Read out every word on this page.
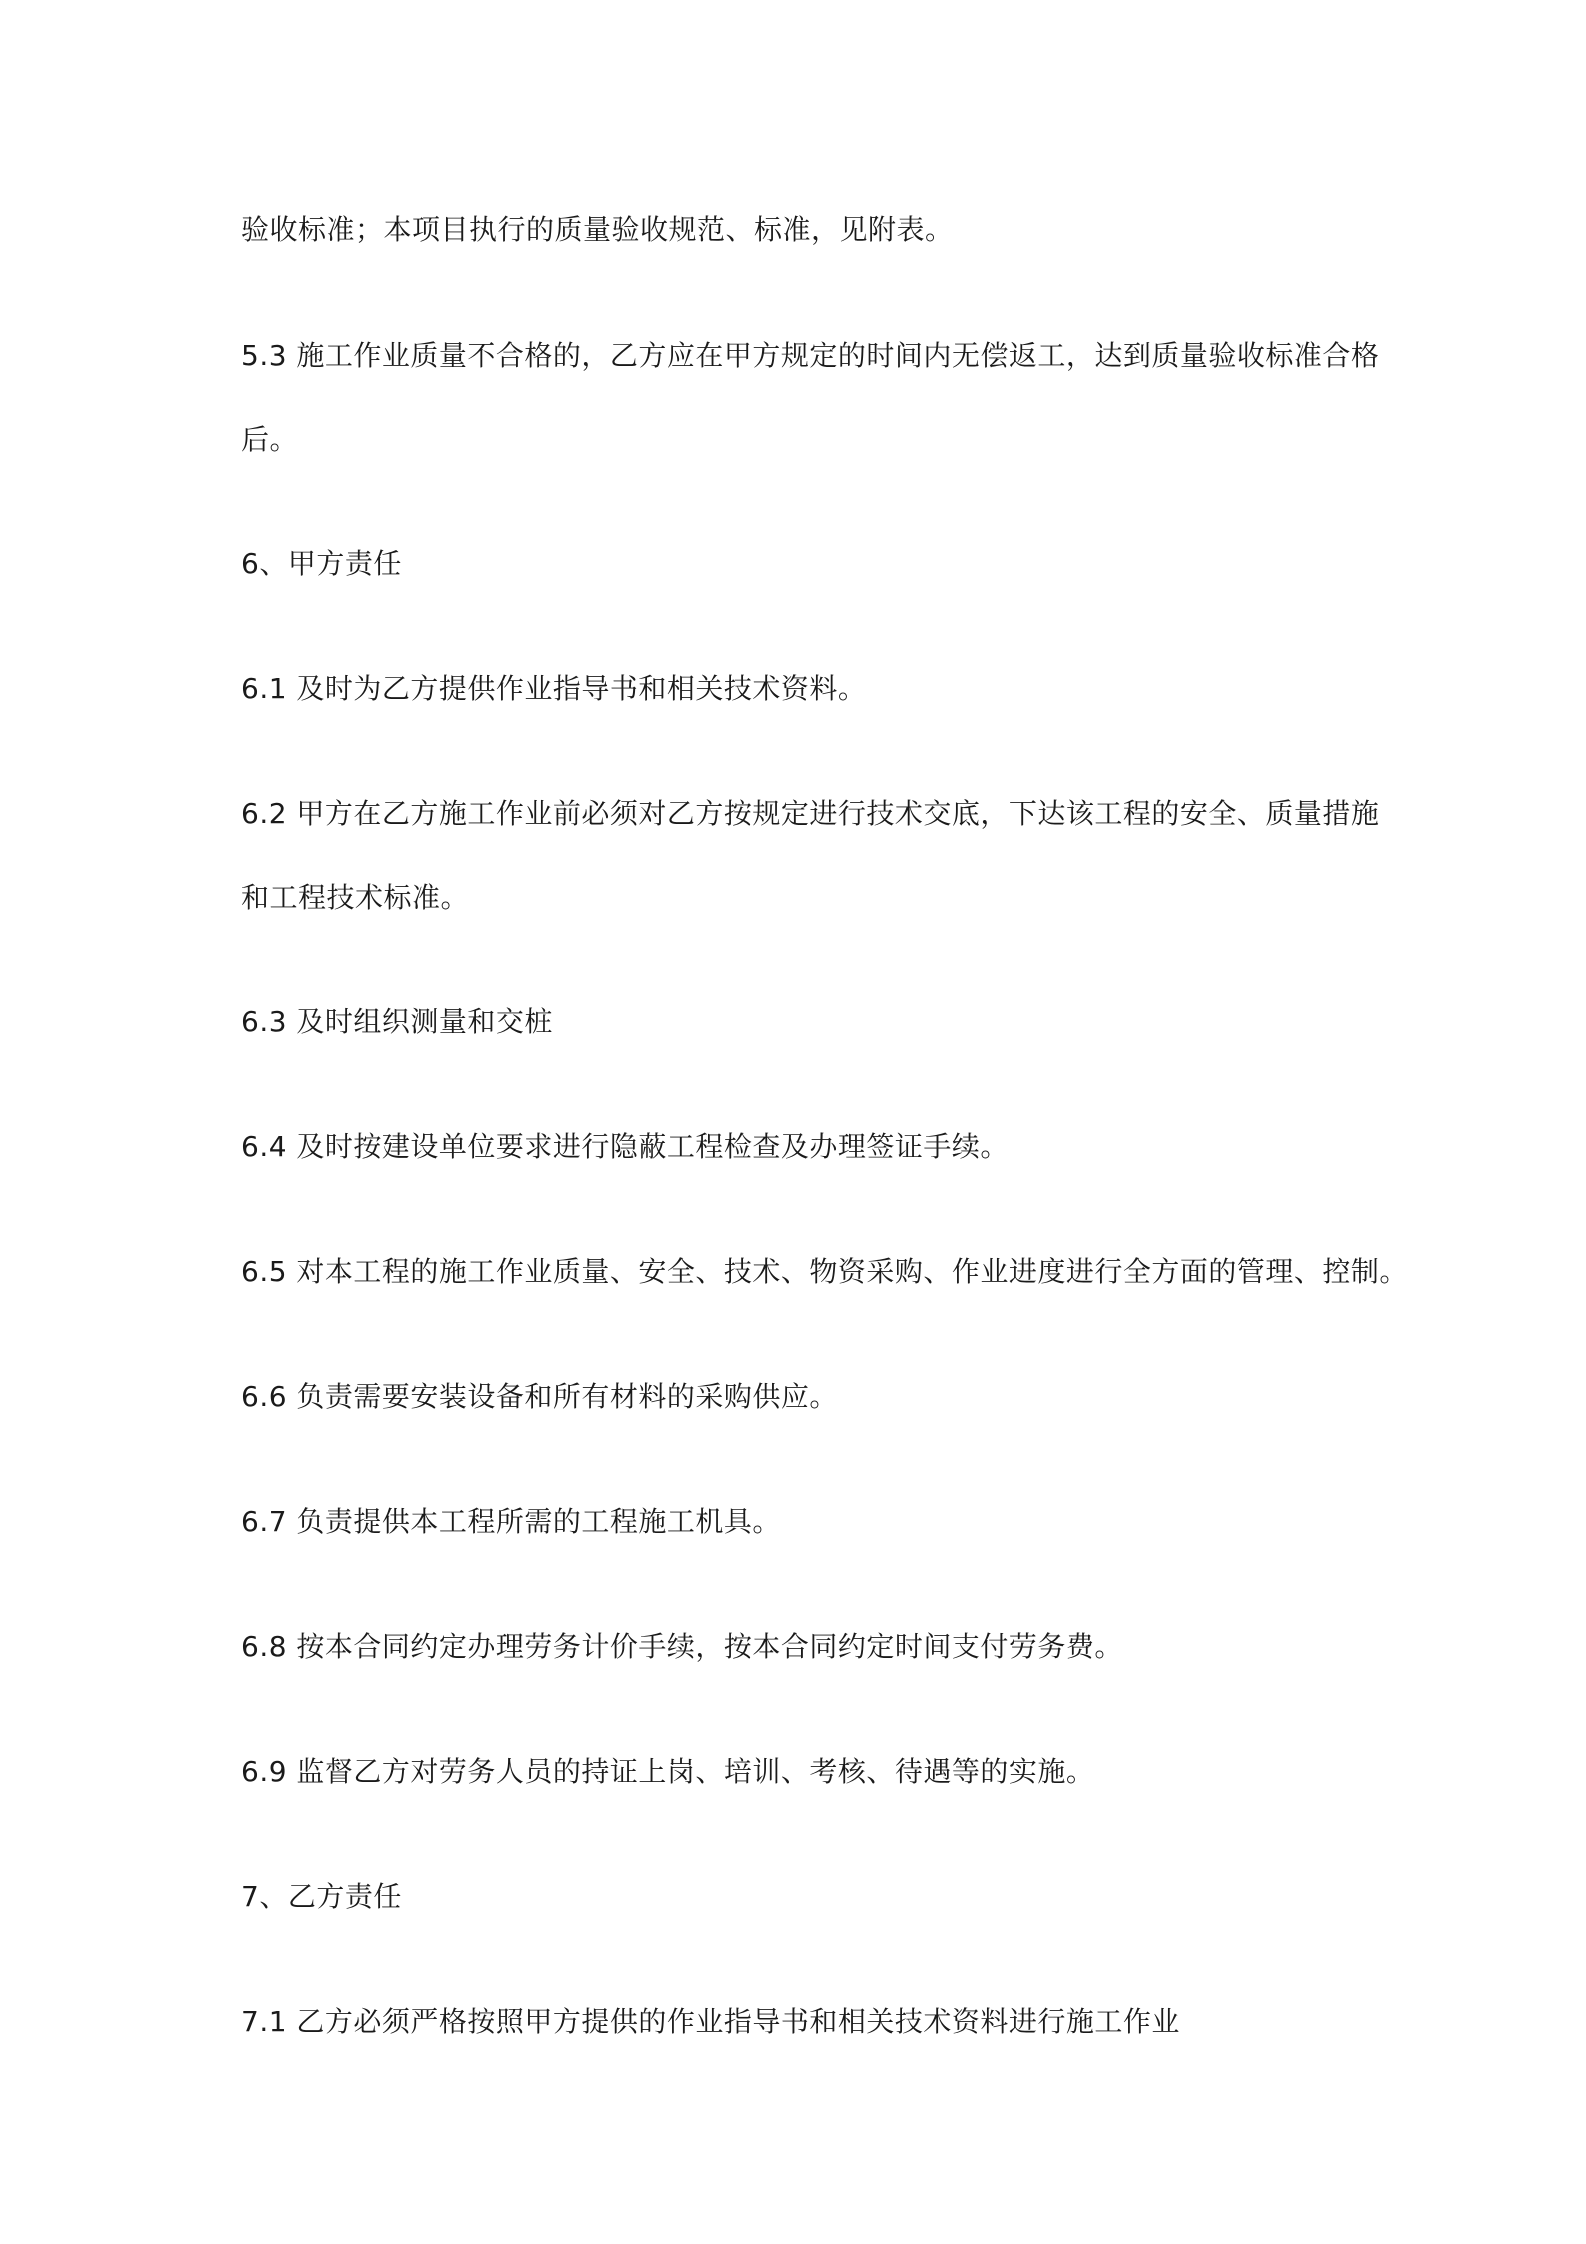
验收标准；本项目执行的质量验收规范、标准，见附表。
5.3 施工作业质量不合格的，乙方应在甲方规定的时间内无偿返工，达到质量验收标准合格
后。
6、甲方责任
6.1 及时为乙方提供作业指导书和相关技术资料。
6.2 甲方在乙方施工作业前必须对乙方按规定进行技术交底，下达该工程的安全、质量措施
和工程技术标准。
6.3 及时组织测量和交桩
6.4 及时按建设单位要求进行隐蔽工程检查及办理签证手续。
6.5 对本工程的施工作业质量、安全、技术、物资采购、作业进度进行全方面的管理、控制。
6.6 负责需要安装设备和所有材料的采购供应。
6.7 负责提供本工程所需的工程施工机具。
6.8 按本合同约定办理劳务计价手续，按本合同约定时间支付劳务费。
6.9 监督乙方对劳务人员的持证上岗、培训、考核、待遇等的实施。
7、乙方责任
7.1 乙方必须严格按照甲方提供的作业指导书和相关技术资料进行施工作业
